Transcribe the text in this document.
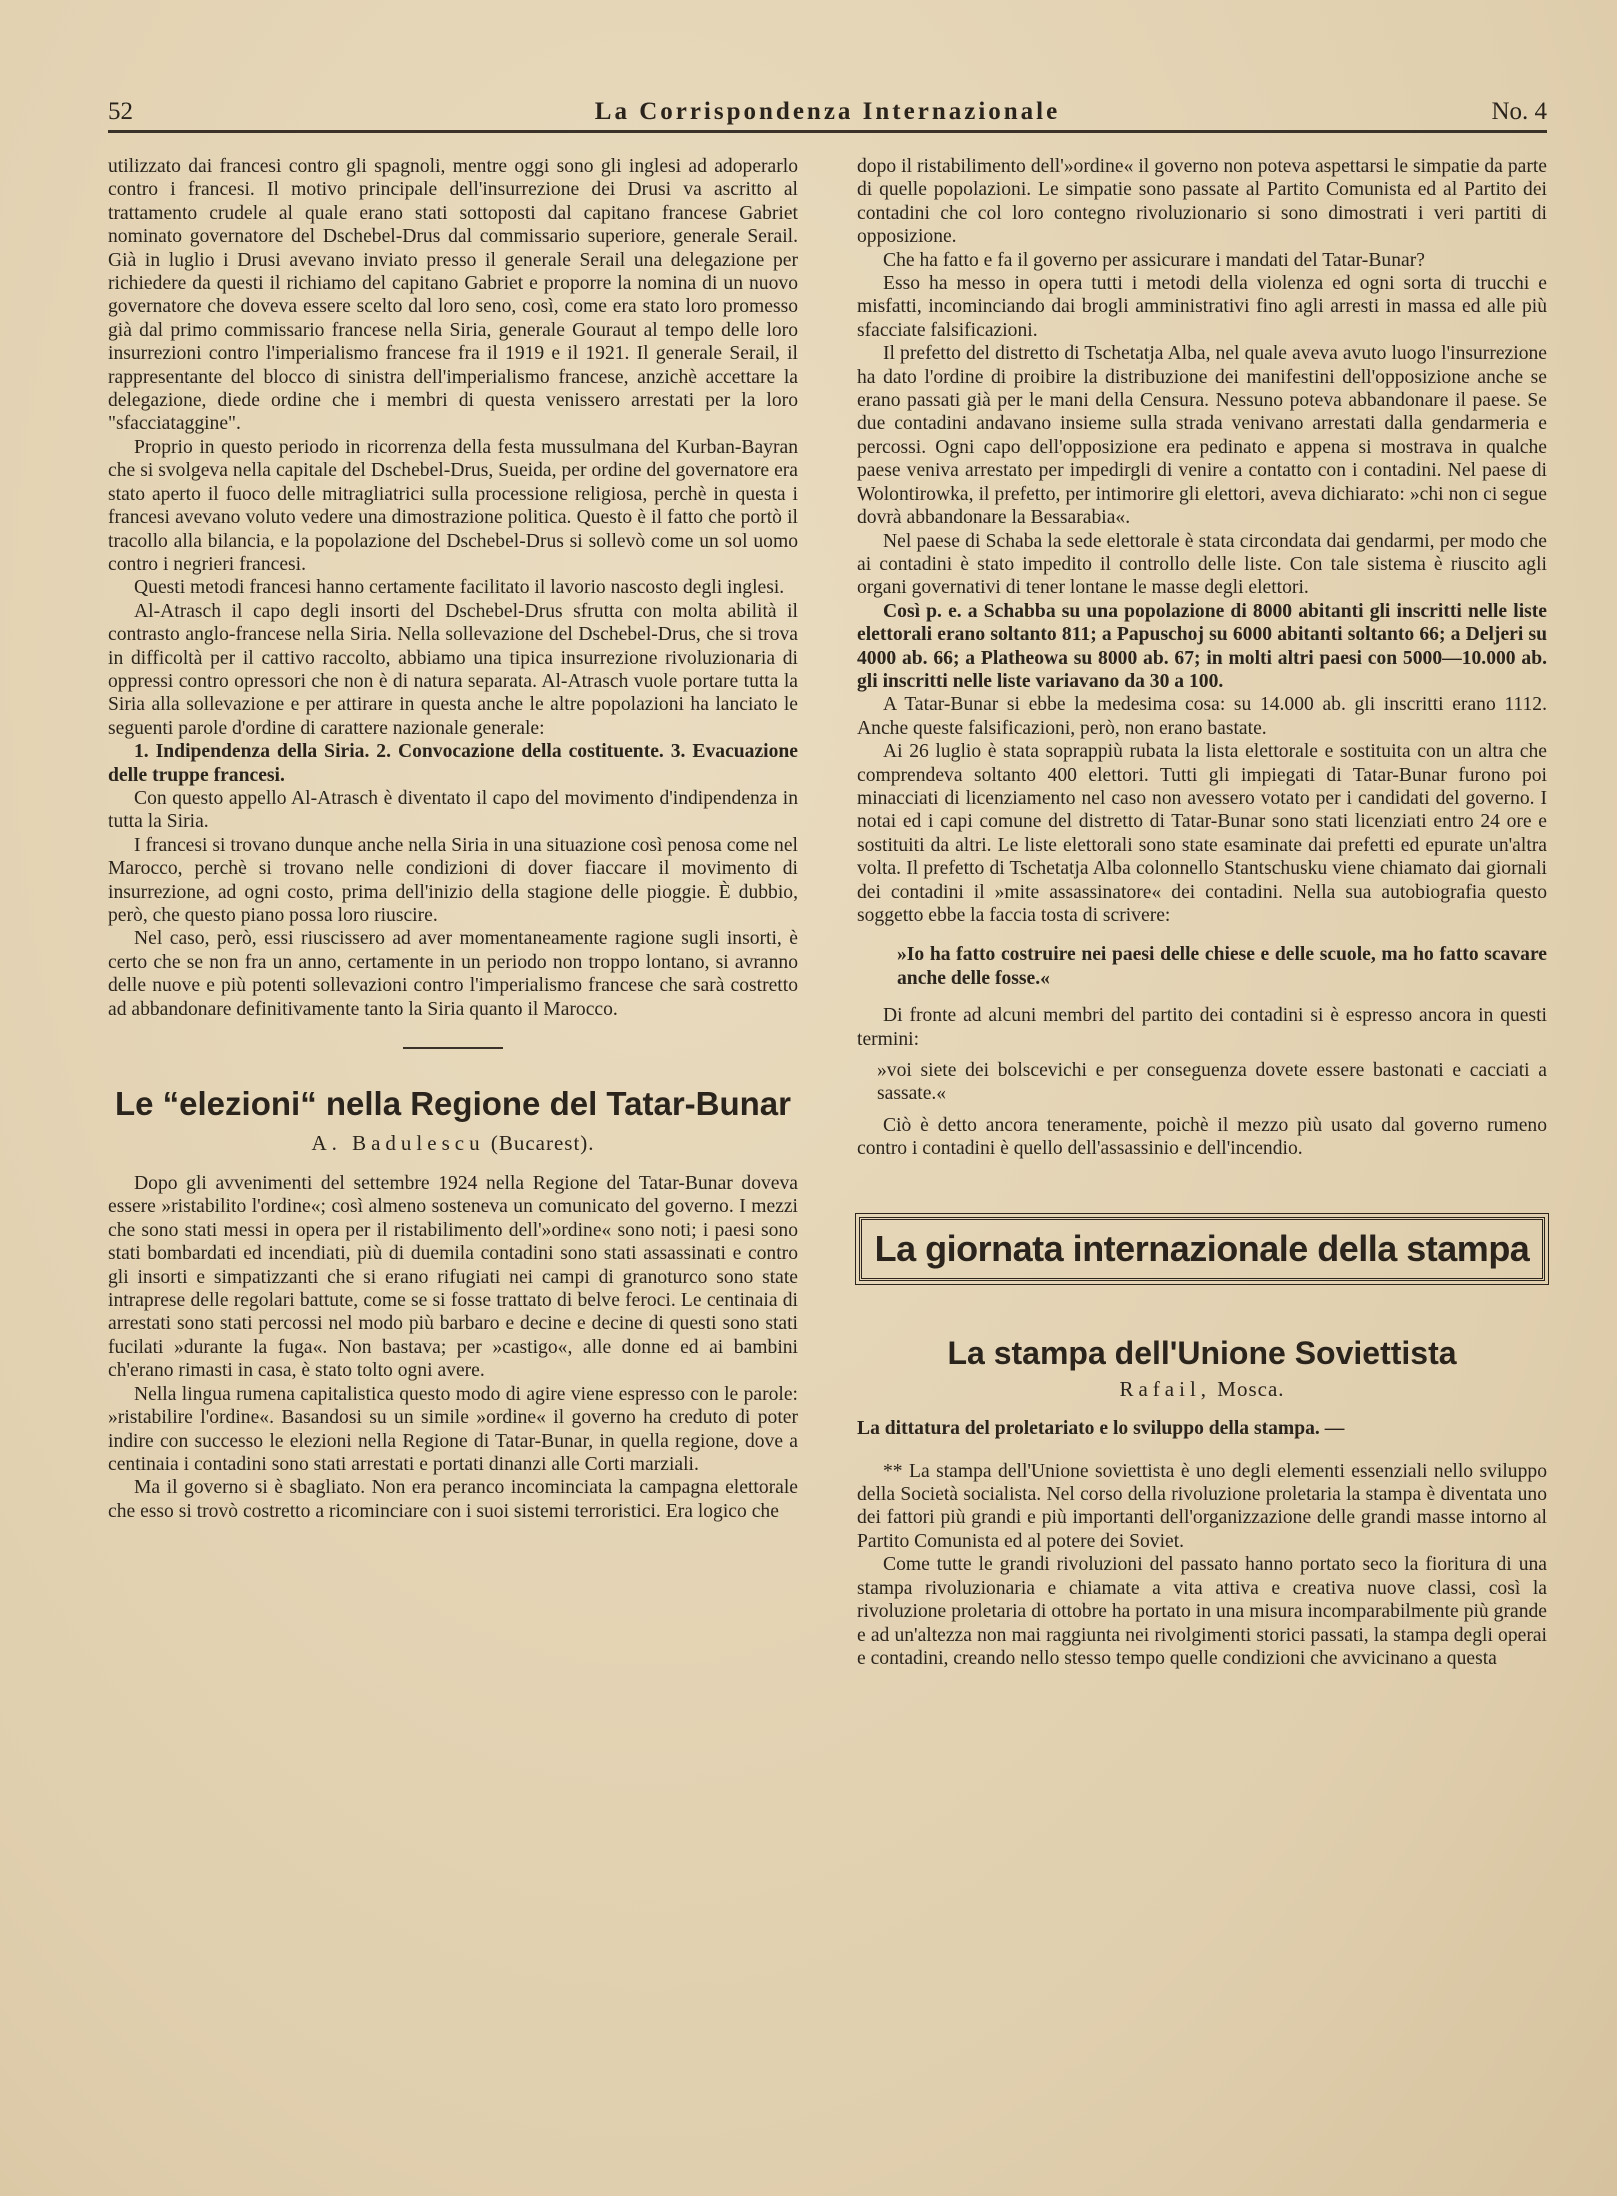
52	La Corrispondenza Internazionale	No. 4

utilizzato dai francesi contro gli spagnoli, mentre oggi sono gli inglesi ad adoperarlo contro i francesi. Il motivo principale dell'insurrezione dei Drusi va ascritto al trattamento crudele al quale erano stati sottoposti dal capitano francese Gabriet nominato governatore del Dschebel-Drus dal commissario superiore, generale Serail. Già in luglio i Drusi avevano inviato presso il generale Serail una delegazione per richiedere da questi il richiamo del capitano Gabriet e proporre la nomina di un nuovo governatore che doveva essere scelto dal loro seno, così, come era stato loro promesso già dal primo commissario francese nella Siria, generale Gouraut al tempo delle loro insurrezioni contro l'imperialismo francese fra il 1919 e il 1921. Il generale Serail, il rappresentante del blocco di sinistra dell'imperialismo francese, anzichè accettare la delegazione, diede ordine che i membri di questa venissero arrestati per la loro "sfacciataggine".

Proprio in questo periodo in ricorrenza della festa mussulmana del Kurban-Bayran che si svolgeva nella capitale del Dschebel-Drus, Sueida, per ordine del governatore era stato aperto il fuoco delle mitragliatrici sulla processione religiosa, perchè in questa i francesi avevano voluto vedere una dimostrazione politica. Questo è il fatto che portò il tracollo alla bilancia, e la popolazione del Dschebel-Drus si sollevò come un sol uomo contro i negrieri francesi.

Questi metodi francesi hanno certamente facilitato il lavorio nascosto degli inglesi.

Al-Atrasch il capo degli insorti del Dschebel-Drus sfrutta con molta abilità il contrasto anglo-francese nella Siria. Nella sollevazione del Dschebel-Drus, che si trova in difficoltà per il cattivo raccolto, abbiamo una tipica insurrezione rivoluzionaria di oppressi contro opressori che non è di natura separata. Al-Atrasch vuole portare tutta la Siria alla sollevazione e per attirare in questa anche le altre popolazioni ha lanciato le seguenti parole d'ordine di carattere nazionale generale:

1. Indipendenza della Siria. 2. Convocazione della costituente. 3. Evacuazione delle truppe francesi.

Con questo appello Al-Atrasch è diventato il capo del movimento d'indipendenza in tutta la Siria.

I francesi si trovano dunque anche nella Siria in una situazione così penosa come nel Marocco, perchè si trovano nelle condizioni di dover fiaccare il movimento di insurrezione, ad ogni costo, prima dell'inizio della stagione delle pioggie. È dubbio, però, che questo piano possa loro riuscire.

Nel caso, però, essi riuscissero ad aver momentaneamente ragione sugli insorti, è certo che se non fra un anno, certamente in un periodo non troppo lontano, si avranno delle nuove e più potenti sollevazioni contro l'imperialismo francese che sarà costretto ad abbandonare definitivamente tanto la Siria quanto il Marocco.

Le “elezioni“ nella Regione del Tatar-Bunar
A. Badulescu (Bucarest).

Dopo gli avvenimenti del settembre 1924 nella Regione del Tatar-Bunar doveva essere »ristabilito l'ordine«; così almeno sosteneva un comunicato del governo. I mezzi che sono stati messi in opera per il ristabilimento dell'»ordine« sono noti; i paesi sono stati bombardati ed incendiati, più di duemila contadini sono stati assassinati e contro gli insorti e simpatizzanti che si erano rifugiati nei campi di granoturco sono state intraprese delle regolari battute, come se si fosse trattato di belve feroci. Le centinaia di arrestati sono stati percossi nel modo più barbaro e decine e decine di questi sono stati fucilati »durante la fuga«. Non bastava; per »castigo«, alle donne ed ai bambini ch'erano rimasti in casa, è stato tolto ogni avere.

Nella lingua rumena capitalistica questo modo di agire viene espresso con le parole: »ristabilire l'ordine«. Basandosi su un simile »ordine« il governo ha creduto di poter indire con successo le elezioni nella Regione di Tatar-Bunar, in quella regione, dove a centinaia i contadini sono stati arrestati e portati dinanzi alle Corti marziali.

Ma il governo si è sbagliato. Non era peranco incominciata la campagna elettorale che esso si trovò costretto a ricominciare con i suoi sistemi terroristici. Era logico che

dopo il ristabilimento dell'»ordine« il governo non poteva aspettarsi le simpatie da parte di quelle popolazioni. Le simpatie sono passate al Partito Comunista ed al Partito dei contadini che col loro contegno rivoluzionario si sono dimostrati i veri partiti di opposizione.

Che ha fatto e fa il governo per assicurare i mandati del Tatar-Bunar?

Esso ha messo in opera tutti i metodi della violenza ed ogni sorta di trucchi e misfatti, incominciando dai brogli amministrativi fino agli arresti in massa ed alle più sfacciate falsificazioni.

Il prefetto del distretto di Tschetatja Alba, nel quale aveva avuto luogo l'insurrezione ha dato l'ordine di proibire la distribuzione dei manifestini dell'opposizione anche se erano passati già per le mani della Censura. Nessuno poteva abbandonare il paese. Se due contadini andavano insieme sulla strada venivano arrestati dalla gendarmeria e percossi. Ogni capo dell'opposizione era pedinato e appena si mostrava in qualche paese veniva arrestato per impedirgli di venire a contatto con i contadini. Nel paese di Wolontirowka, il prefetto, per intimorire gli elettori, aveva dichiarato: »chi non ci segue dovrà abbandonare la Bessarabia«.

Nel paese di Schaba la sede elettorale è stata circondata dai gendarmi, per modo che ai contadini è stato impedito il controllo delle liste. Con tale sistema è riuscito agli organi governativi di tener lontane le masse degli elettori.

Così p. e. a Schabba su una popolazione di 8000 abitanti gli inscritti nelle liste elettorali erano soltanto 811; a Papuschoj su 6000 abitanti soltanto 66; a Deljeri su 4000 ab. 66; a Platheowa su 8000 ab. 67; in molti altri paesi con 5000—10.000 ab. gli inscritti nelle liste variavano da 30 a 100.

A Tatar-Bunar si ebbe la medesima cosa: su 14.000 ab. gli inscritti erano 1112. Anche queste falsificazioni, però, non erano bastate.

Ai 26 luglio è stata soprappiù rubata la lista elettorale e sostituita con un altra che comprendeva soltanto 400 elettori. Tutti gli impiegati di Tatar-Bunar furono poi minacciati di licenziamento nel caso non avessero votato per i candidati del governo. I notai ed i capi comune del distretto di Tatar-Bunar sono stati licenziati entro 24 ore e sostituiti da altri. Le liste elettorali sono state esaminate dai prefetti ed epurate un'altra volta. Il prefetto di Tschetatja Alba colonnello Stantschusku viene chiamato dai giornali dei contadini il »mite assassinatore« dei contadini. Nella sua autobiografia questo soggetto ebbe la faccia tosta di scrivere:

»Io ha fatto costruire nei paesi delle chiese e delle scuole, ma ho fatto scavare anche delle fosse.«

Di fronte ad alcuni membri del partito dei contadini si è espresso ancora in questi termini:

»voi siete dei bolscevichi e per conseguenza dovete essere bastonati e cacciati a sassate.«

Ciò è detto ancora teneramente, poichè il mezzo più usato dal governo rumeno contro i contadini è quello dell'assassinio e dell'incendio.

La giornata internazionale della stampa
La stampa dell'Unione Soviettista
Rafail, Mosca.
La dittatura del proletariato e lo sviluppo della stampa. —

** La stampa dell'Unione soviettista è uno degli elementi essenziali nello sviluppo della Società socialista. Nel corso della rivoluzione proletaria la stampa è diventata uno dei fattori più grandi e più importanti dell'organizzazione delle grandi masse intorno al Partito Comunista ed al potere dei Soviet.

Come tutte le grandi rivoluzioni del passato hanno portato seco la fioritura di una stampa rivoluzionaria e chiamate a vita attiva e creativa nuove classi, così la rivoluzione proletaria di ottobre ha portato in una misura incomparabilmente più grande e ad un'altezza non mai raggiunta nei rivolgimenti storici passati, la stampa degli operai e contadini, creando nello stesso tempo quelle condizioni che avvicinano a questa
